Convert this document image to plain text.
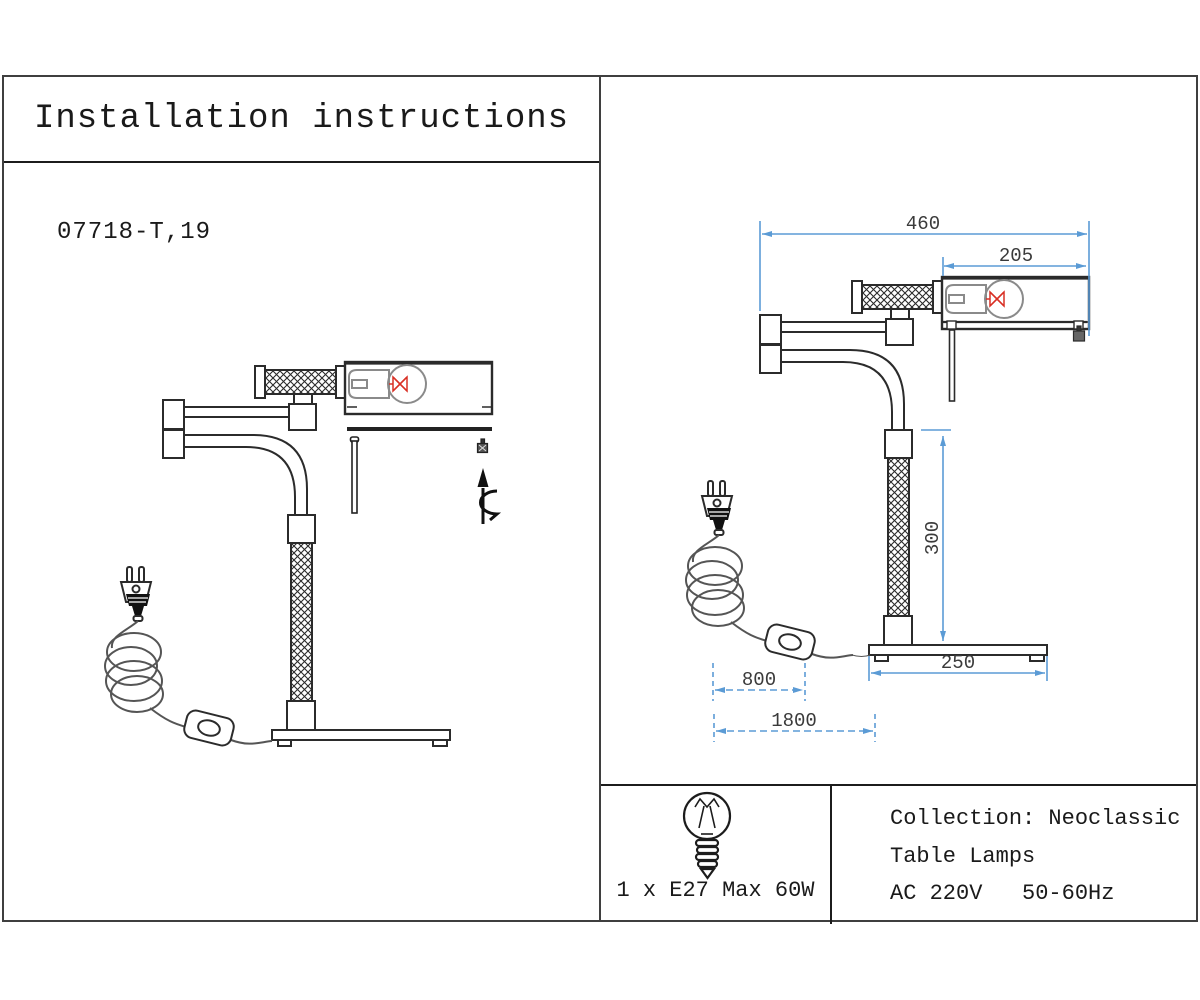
Installation instructions
07718-T,19	460
205
300
250
800
1800
1 x E27 Max 60W
Collection: Neoclassic
Table Lamps
AC 220V   50-60Hz
